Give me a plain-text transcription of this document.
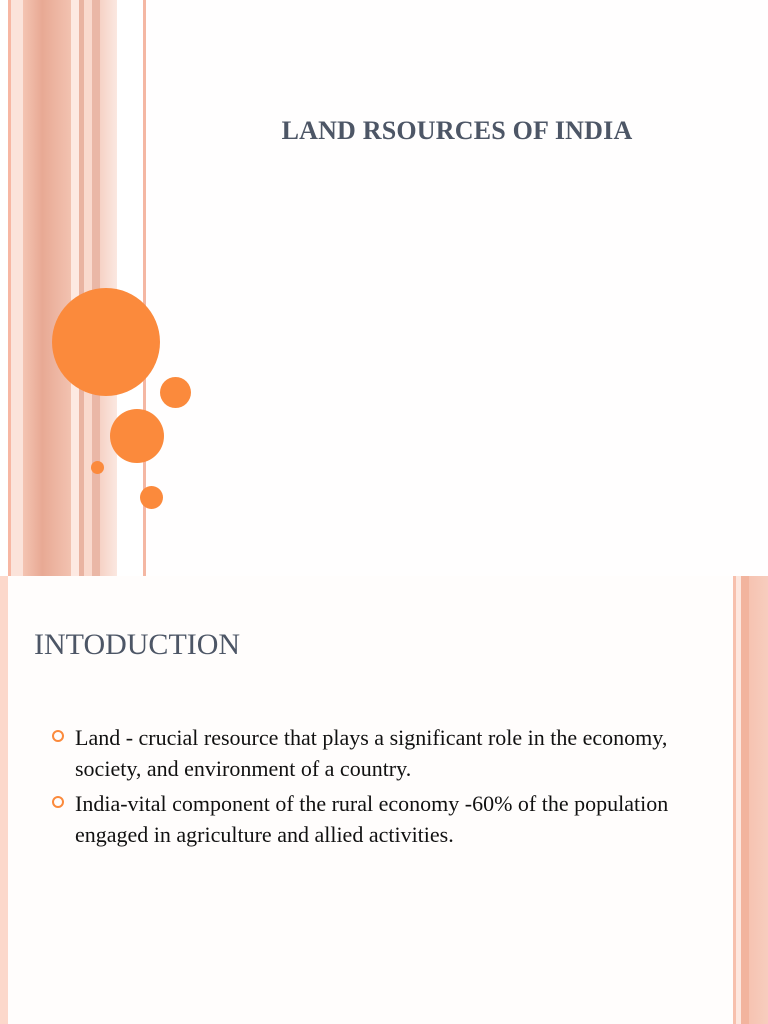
LAND RSOURCES OF INDIA
INTODUCTION
Land - crucial resource that plays a significant role in the economy, society, and environment of a country.
India-vital component of the rural economy -60% of the population engaged in agriculture and allied activities.
